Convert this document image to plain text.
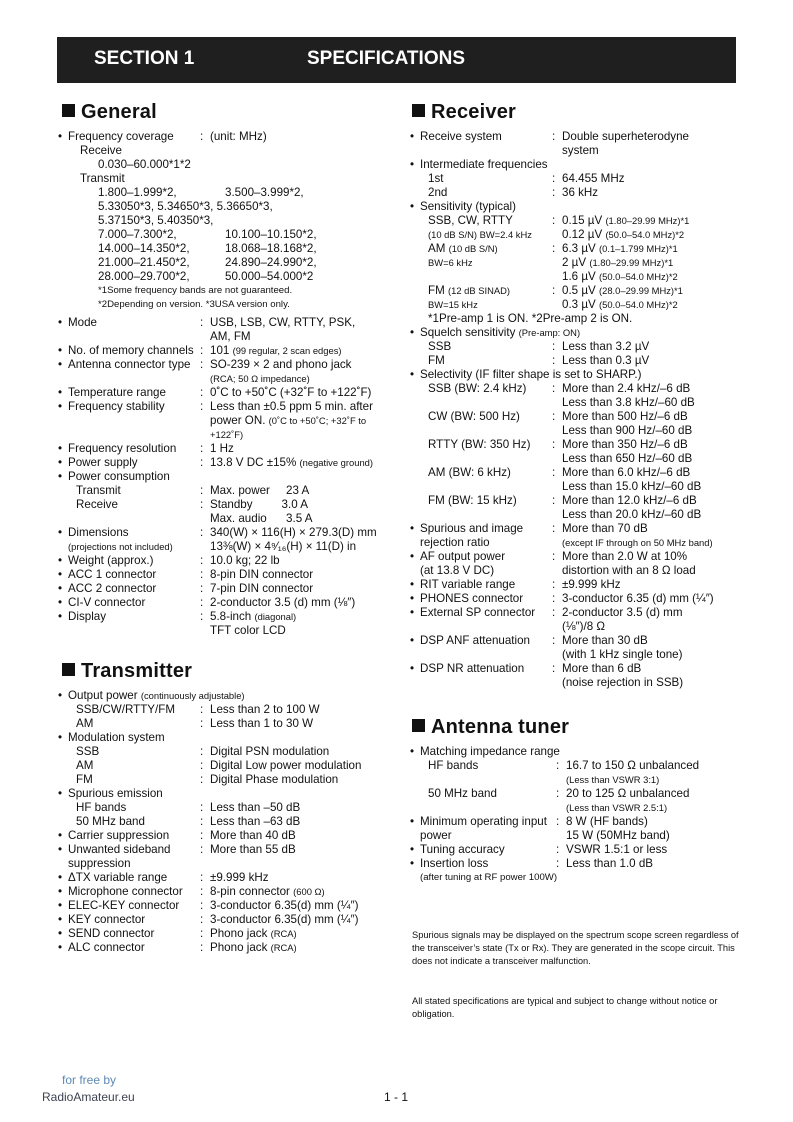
SECTION 1	SPECIFICATIONS
General
Transmitter
Receiver
Antenna tuner
• Frequency coverage	: (unit: MHz)
Receive
0.030–60.000*1*2
Transmit
1.800–1.999*2,	3.500–3.999*2,
5.33050*3, 5.34650*3, 5.36650*3,
5.37150*3, 5.40350*3,
7.000–7.300*2,	10.100–10.150*2,
14.000–14.350*2,	18.068–18.168*2,
21.000–21.450*2,	24.890–24.990*2,
28.000–29.700*2,	50.000–54.000*2
*1Some frequency bands are not guaranteed.
*2Depending on version. *3USA version only.
• Mode	: USB, LSB, CW, RTTY, PSK,
AM, FM
• No. of memory channels : 101 (99 regular, 2 scan edges)
• Antenna connector type : SO-239 × 2 and phono jack
(RCA; 50 Ω impedance)
• Temperature range	: 0˚C to +50˚C (+32˚F to +122˚F)
• Frequency stability	: Less than ±0.5 ppm 5 min. after
power ON. (0˚C to +50˚C; +32˚F to
+122˚F)
• Frequency resolution	: 1 Hz
• Power supply	: 13.8 V DC ±15% (negative ground)
• Power consumption
Transmit	: Max. power     23 A
Receive	: Standby         3.0 A
Max. audio      3.5 A
• Dimensions	: 340(W) × 116(H) × 279.3(D) mm
(projections not included)	13⅜(W) × 4⁹⁄₁₆(H) × 11(D) in
• Weight (approx.)	: 10.0 kg; 22 lb
• ACC 1 connector	: 8-pin DIN connector
• ACC 2 connector	: 7-pin DIN connector
• CI-V connector	: 2-conductor 3.5 (d) mm (⅛″)
• Display	: 5.8-inch (diagonal)
TFT color LCD
• Output power (continuously adjustable)
SSB/CW/RTTY/FM	: Less than 2 to 100 W
AM	: Less than 1 to 30 W
• Modulation system
SSB	: Digital PSN modulation
AM	: Digital Low power modulation
FM	: Digital Phase modulation
• Spurious emission
HF bands	: Less than –50 dB
50 MHz band	: Less than –63 dB
• Carrier suppression	: More than 40 dB
• Unwanted sideband	: More than 55 dB
suppression
• ΔTX variable range	: ±9.999 kHz
• Microphone connector	: 8-pin connector (600 Ω)
• ELEC-KEY connector	: 3-conductor 6.35(d) mm (¼″)
• KEY connector	: 3-conductor 6.35(d) mm (¼″)
• SEND connector	: Phono jack (RCA)
• ALC connector	: Phono jack (RCA)
• Receive system	: Double superheterodyne
system
• Intermediate frequencies
1st	: 64.455 MHz
2nd	: 36 kHz
• Sensitivity (typical)
SSB, CW, RTTY	: 0.15 µV (1.80–29.99 MHz)*1
(10 dB S/N) BW=2.4 kHz	0.12 µV (50.0–54.0 MHz)*2
AM (10 dB S/N)	: 6.3 µV (0.1–1.799 MHz)*1
BW=6 kHz	2 µV (1.80–29.99 MHz)*1
1.6 µV (50.0–54.0 MHz)*2
FM (12 dB SINAD)	: 0.5 µV (28.0–29.99 MHz)*1
BW=15 kHz	0.3 µV (50.0–54.0 MHz)*2
*1Pre-amp 1 is ON. *2Pre-amp 2 is ON.
• Squelch sensitivity (Pre-amp: ON)
SSB	: Less than 3.2 µV
FM	: Less than 0.3 µV
• Selectivity (IF filter shape is set to SHARP.)
SSB (BW: 2.4 kHz)	: More than 2.4 kHz/–6 dB
Less than 3.8 kHz/–60 dB
CW (BW: 500 Hz)	: More than 500 Hz/–6 dB
Less than 900 Hz/–60 dB
RTTY (BW: 350 Hz)	: More than 350 Hz/–6 dB
Less than 650 Hz/–60 dB
AM (BW: 6 kHz)	: More than 6.0 kHz/–6 dB
Less than 15.0 kHz/–60 dB
FM (BW: 15 kHz)	: More than 12.0 kHz/–6 dB
Less than 20.0 kHz/–60 dB
• Spurious and image	: More than 70 dB
rejection ratio	(except IF through on 50 MHz band)
• AF output power	: More than 2.0 W at 10%
(at 13.8 V DC)	distortion with an 8 Ω load
• RIT variable range	: ±9.999 kHz
• PHONES connector	: 3-conductor 6.35 (d) mm (¼″)
• External SP connector	: 2-conductor 3.5 (d) mm
(⅛″)/8 Ω
• DSP ANF attenuation	: More than 30 dB
(with 1 kHz single tone)
• DSP NR attenuation	: More than 6 dB
(noise rejection in SSB)
• Matching impedance range
HF bands	: 16.7 to 150 Ω unbalanced
(Less than VSWR 3:1)
50 MHz band	: 20 to 125 Ω unbalanced
(Less than VSWR 2.5:1)
• Minimum operating input : 8 W (HF bands)
power	15 W (50MHz band)
• Tuning accuracy	: VSWR 1.5:1 or less
• Insertion loss	: Less than 1.0 dB
(after tuning at RF power 100W)
Spurious signals may be displayed on the spectrum scope screen regardless of the transceiver’s state (Tx or Rx). They are generated in the scope circuit. This does not indicate a transceiver malfunction.
All stated specifications are typical and subject to change without notice or obligation.
for free by
RadioAmateur.eu	1 - 1
